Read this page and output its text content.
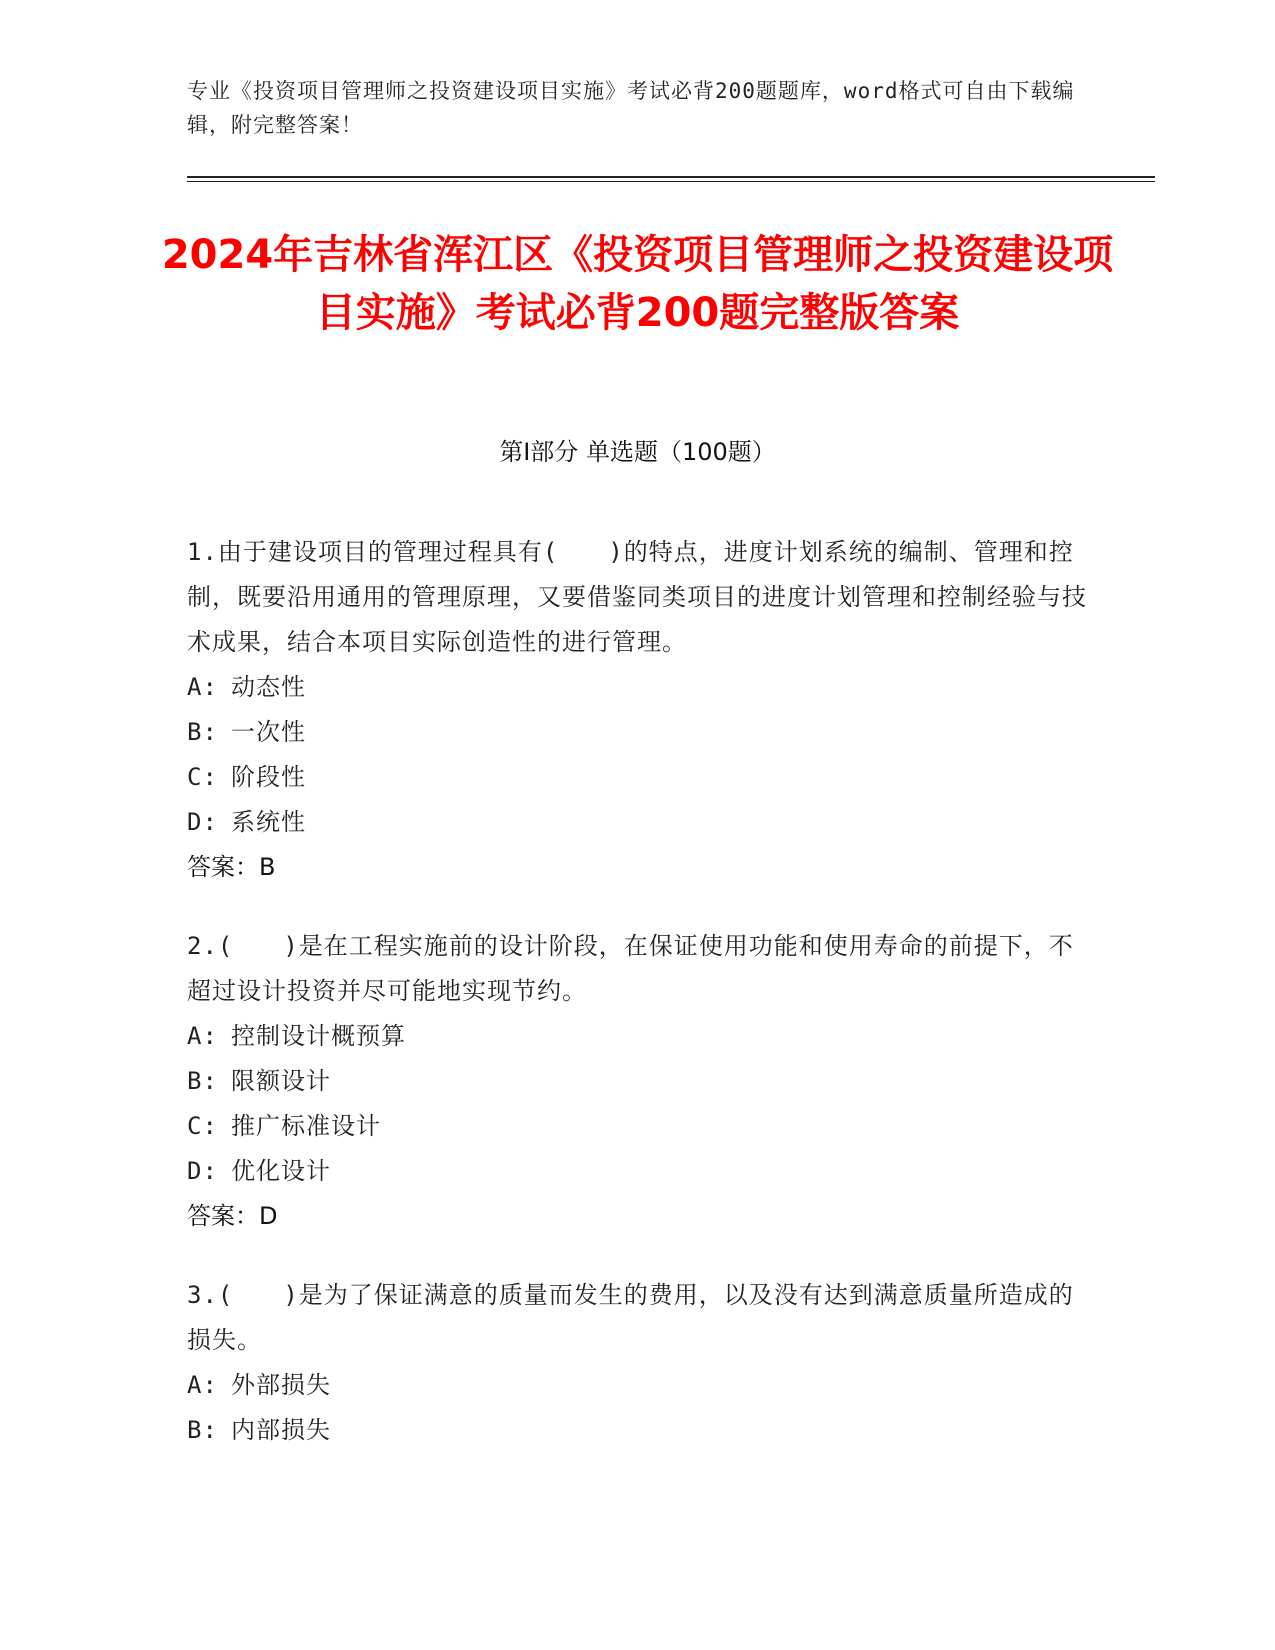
专业《投资项目管理师之投资建设项目实施》考试必背200题题库，word格式可自由下载编辑，附完整答案！
2024年吉林省浑江区《投资项目管理师之投资建设项目实施》考试必背200题完整版答案
第Ⅰ部分 单选题（100题）
1.由于建设项目的管理过程具有(　　)的特点，进度计划系统的编制、管理和控制，既要沿用通用的管理原理，又要借鉴同类项目的进度计划管理和控制经验与技术成果，结合本项目实际创造性的进行管理。
A: 动态性
B: 一次性
C: 阶段性
D: 系统性
答案：B
2.(　　)是在工程实施前的设计阶段，在保证使用功能和使用寿命的前提下，不超过设计投资并尽可能地实现节约。
A: 控制设计概预算
B: 限额设计
C: 推广标准设计
D: 优化设计
答案：D
3.(　　)是为了保证满意的质量而发生的费用，以及没有达到满意质量所造成的损失。
A: 外部损失
B: 内部损失
